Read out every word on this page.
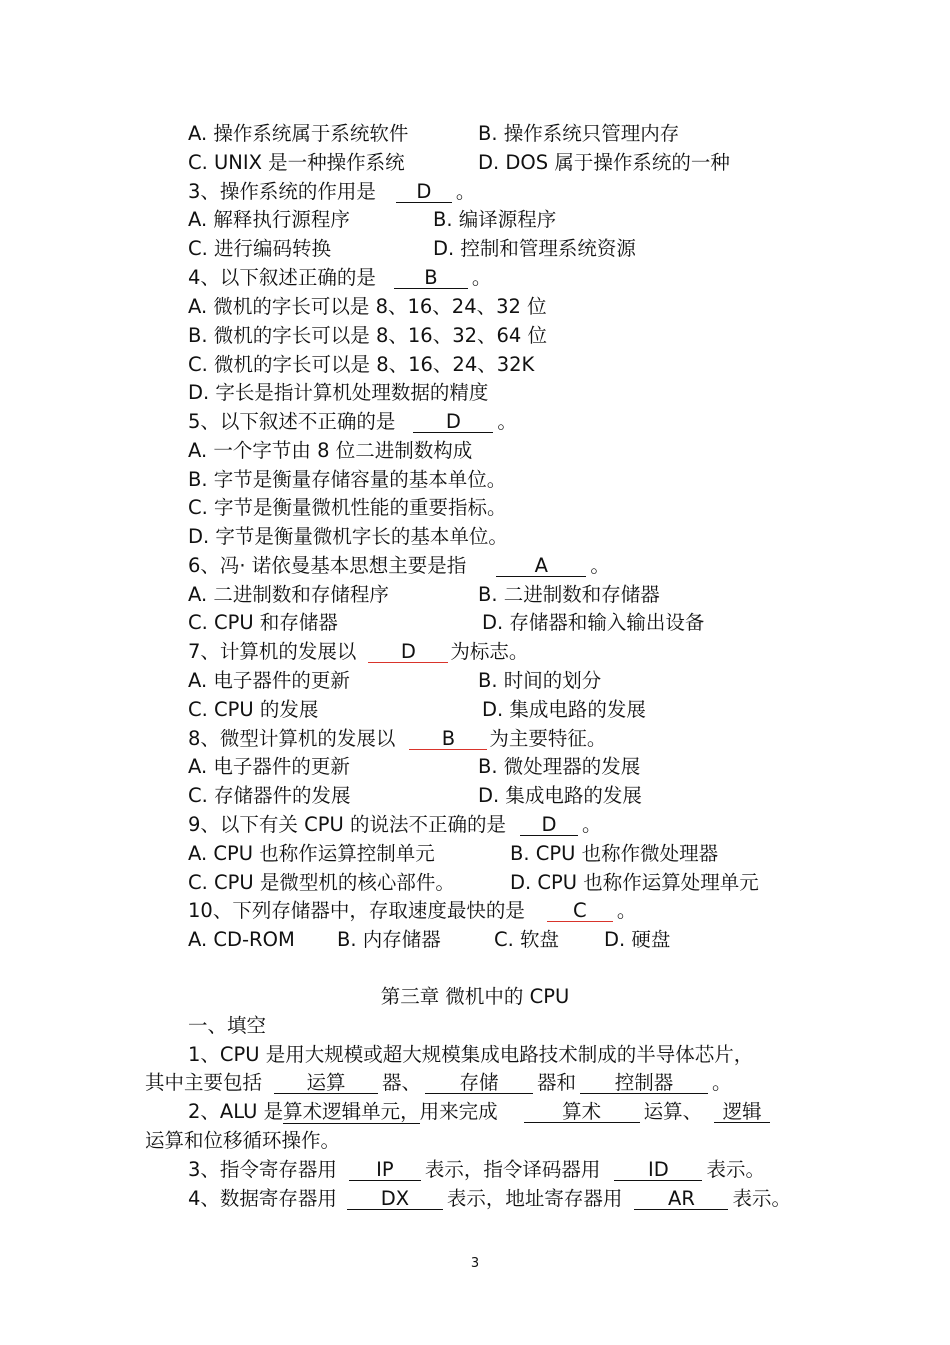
A. 操作系统属于系统软件	B. 操作系统只管理内存
C. UNIX 是一种操作系统	D. DOS 属于操作系统的一种
3、操作系统的作用是 D 。
A. 解释执行源程序	B. 编译源程序
C. 进行编码转换	D. 控制和管理系统资源
4、以下叙述正确的是 B 。
A. 微机的字长可以是 8、16、24、32 位
B. 微机的字长可以是 8、16、32、64 位
C. 微机的字长可以是 8、16、24、32K
D. 字长是指计算机处理数据的精度
5、以下叙述不正确的是	D 。
A. 一个字节由 8 位二进制数构成
B. 字节是衡量存储容量的基本单位。
C. 字节是衡量微机性能的重要指标。
D. 字节是衡量微机字长的基本单位。
6、冯· 诺依曼基本思想主要是指	A 。
A. 二进制数和存储程序	B. 二进制数和存储器
C. CPU 和存储器	D. 存储器和输入输出设备
7、计算机的发展以 D 为标志。
A. 电子器件的更新	B. 时间的划分
C. CPU 的发展	D. 集成电路的发展
8、微型计算机的发展以 B 为主要特征。
A. 电子器件的更新	B. 微处理器的发展
C. 存储器件的发展	D. 集成电路的发展
9、以下有关 CPU 的说法不正确的是 D 。
A. CPU 也称作运算控制单元	B. CPU 也称作微处理器
C. CPU 是微型机的核心部件。	D. CPU 也称作运算处理单元
10、下列存储器中，存取速度最快的是 C 。
A. CD-ROM B. 内存储器	C. 软盘 D. 硬盘
第三章 微机中的 CPU
一、填空
1、CPU 是用大规模或超大规模集成电路技术制成的半导体芯片，
其中主要包括 运算 器、 存储 器和 控制器 。
2、ALU 是算术逻辑单元，用来完成	算术 运算、 逻辑
运算和位移循环操作。
3、指令寄存器用 IP 表示，指令译码器用 ID 表示。
4、数据寄存器用 DX 表示，地址寄存器用 AR 表示。
3
